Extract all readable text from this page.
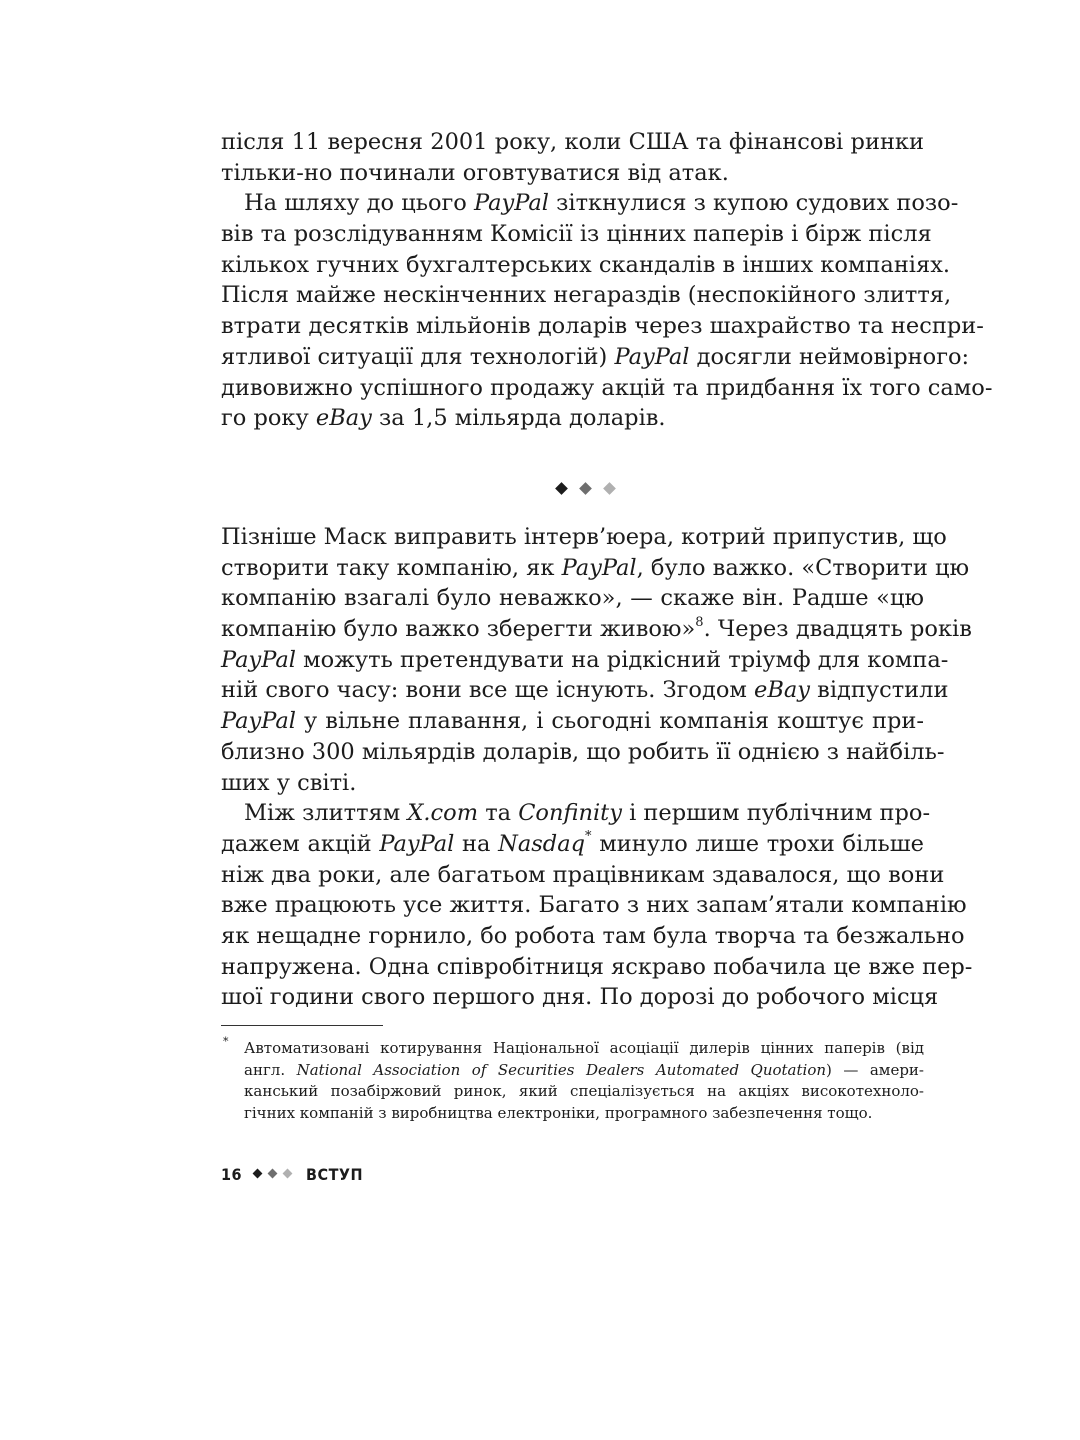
після 11 вересня 2001 року, коли США та фінансові ринки
тільки-но починали оговтуватися від атак.
На шляху до цього PayPal зіткнулися з купою судових позо-
вів та розслідуванням Комісії із цінних паперів і бірж після
кількох гучних бухгалтерських скандалів в інших компаніях.
Після майже нескінченних негараздів (неспокійного злиття,
втрати десятків мільйонів доларів через шахрайство та неспри-
ятливої ситуації для технологій) PayPal досягли неймовірного:
дивовижно успішного продажу акцій та придбання їх того само-
го року eBay за 1,5 мільярда доларів.
Пізніше Маск виправить інтерв’юера, котрий припустив, що
створити таку компанію, як PayPal, було важко. «Створити цю
компанію взагалі було неважко», — скаже він. Радше «цю
компанію було важко зберегти живою»$^8$. Через двадцять років
PayPal можуть претендувати на рідкісний тріумф для компа-
ній свого часу: вони все ще існують. Згодом eBay відпустили
PayPal у вільне плавання, і сьогодні компанія коштує при-
близно 300 мільярдів доларів, що робить її однією з найбіль-
ших у світі.
Між злиттям X.com та Confinity і першим публічним про-
дажем акцій PayPal на Nasdaq* минуло лише трохи більше
ніж два роки, але багатьом працівникам здавалося, що вони
вже працюють усе життя. Багато з них запам’ятали компанію
як нещадне горнило, бо робота там була творча та безжально
напружена. Одна співробітниця яскраво побачила це вже пер-
шої години свого першого дня. По дорозі до робочого місця
*	Автоматизовані котирування Національної асоціації дилерів цінних паперів (від
англ. National Association of Securities Dealers Automated Quotation) — амери-
канський позабіржовий ринок, який спеціалізується на акціях високотехноло-
гічних компаній з виробництва електроніки, програмного забезпечення тощо.
16	ВСТУП
